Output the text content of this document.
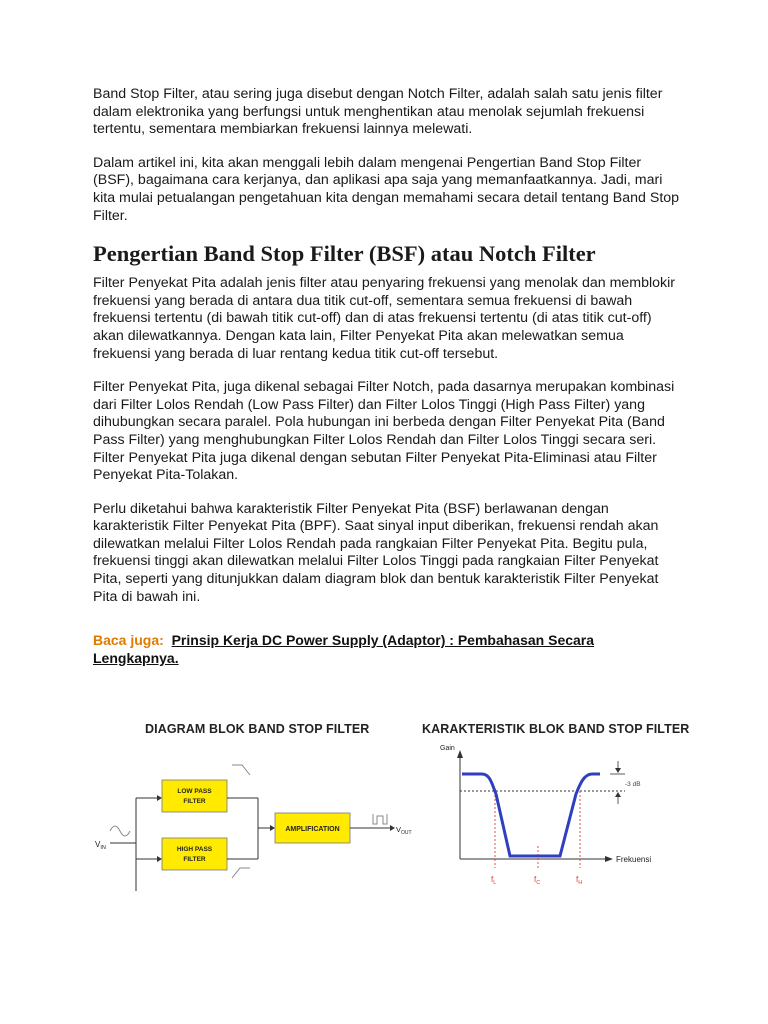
Band Stop Filter, atau sering juga disebut dengan Notch Filter, adalah salah satu jenis filter dalam elektronika yang berfungsi untuk menghentikan atau menolak sejumlah frekuensi tertentu, sementara membiarkan frekuensi lainnya melewati.

Dalam artikel ini, kita akan menggali lebih dalam mengenai Pengertian Band Stop Filter (BSF), bagaimana cara kerjanya, dan aplikasi apa saja yang memanfaatkannya. Jadi, mari kita mulai petualangan pengetahuan kita dengan memahami secara detail tentang Band Stop Filter.

Pengertian Band Stop Filter (BSF) atau Notch Filter

Filter Penyekat Pita adalah jenis filter atau penyaring frekuensi yang menolak dan memblokir frekuensi yang berada di antara dua titik cut-off, sementara semua frekuensi di bawah frekuensi tertentu (di bawah titik cut-off) dan di atas frekuensi tertentu (di atas titik cut-off) akan dilewatkannya. Dengan kata lain, Filter Penyekat Pita akan melewatkan semua frekuensi yang berada di luar rentang kedua titik cut-off tersebut.

Filter Penyekat Pita, juga dikenal sebagai Filter Notch, pada dasarnya merupakan kombinasi dari Filter Lolos Rendah (Low Pass Filter) dan Filter Lolos Tinggi (High Pass Filter) yang dihubungkan secara paralel. Pola hubungan ini berbeda dengan Filter Penyekat Pita (Band Pass Filter) yang menghubungkan Filter Lolos Rendah dan Filter Lolos Tinggi secara seri. Filter Penyekat Pita juga dikenal dengan sebutan Filter Penyekat Pita-Eliminasi atau Filter Penyekat Pita-Tolakan.

Perlu diketahui bahwa karakteristik Filter Penyekat Pita (BSF) berlawanan dengan karakteristik Filter Penyekat Pita (BPF). Saat sinyal input diberikan, frekuensi rendah akan dilewatkan melalui Filter Lolos Rendah pada rangkaian Filter Penyekat Pita. Begitu pula, frekuensi tinggi akan dilewatkan melalui Filter Lolos Tinggi pada rangkaian Filter Penyekat Pita, seperti yang ditunjukkan dalam diagram blok dan bentuk karakteristik Filter Penyekat Pita di bawah ini.

Baca juga: Prinsip Kerja DC Power Supply (Adaptor) : Pembahasan Secara Lengkapnya.
DIAGRAM BLOK BAND STOP FILTER
$V_{IN}$
LOW PASS
FILTER
HIGH PASS
FILTER
AMPLIFICATION	$V_{OUT}$
KARAKTERISTIK BLOK BAND STOP FILTER
Gain
Frekuensi
-3 dB
$f_L$	$f_C$	$f_H$
